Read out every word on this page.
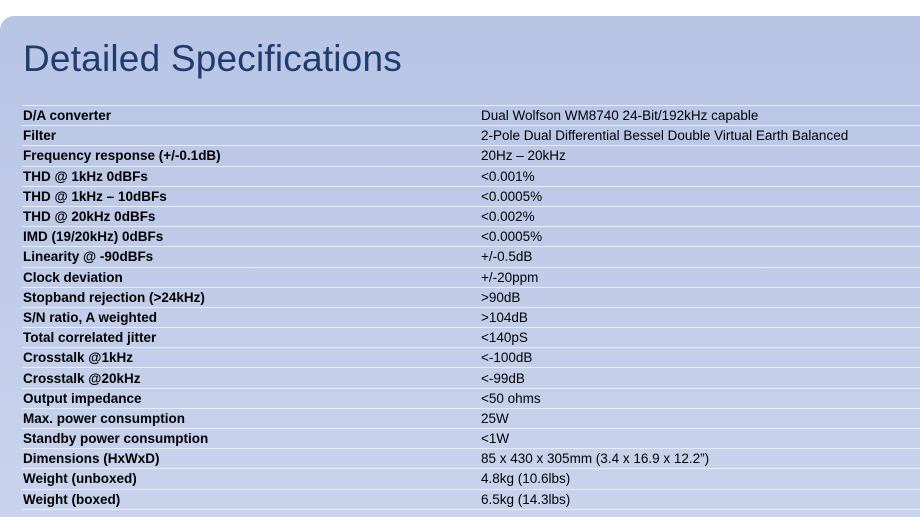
Detailed Specifications
D/A converter	Dual Wolfson WM8740 24-Bit/192kHz capable
Filter	2-Pole Dual Differential Bessel Double Virtual Earth Balanced
Frequency response (+/-0.1dB)	20Hz – 20kHz
THD @ 1kHz 0dBFs	<0.001%
THD @ 1kHz – 10dBFs	<0.0005%
THD @ 20kHz 0dBFs	<0.002%
IMD (19/20kHz) 0dBFs	<0.0005%
Linearity @ -90dBFs	+/-0.5dB
Clock deviation	+/-20ppm
Stopband rejection (>24kHz)	>90dB
S/N ratio, A weighted	>104dB
Total correlated jitter	<140pS
Crosstalk @1kHz	<-100dB
Crosstalk @20kHz	<-99dB
Output impedance	<50 ohms
Max. power consumption	25W
Standby power consumption	<1W
Dimensions (HxWxD)	85 x 430 x 305mm (3.4 x 16.9 x 12.2”)
Weight (unboxed)	4.8kg (10.6lbs)
Weight (boxed)	6.5kg (14.3lbs)
